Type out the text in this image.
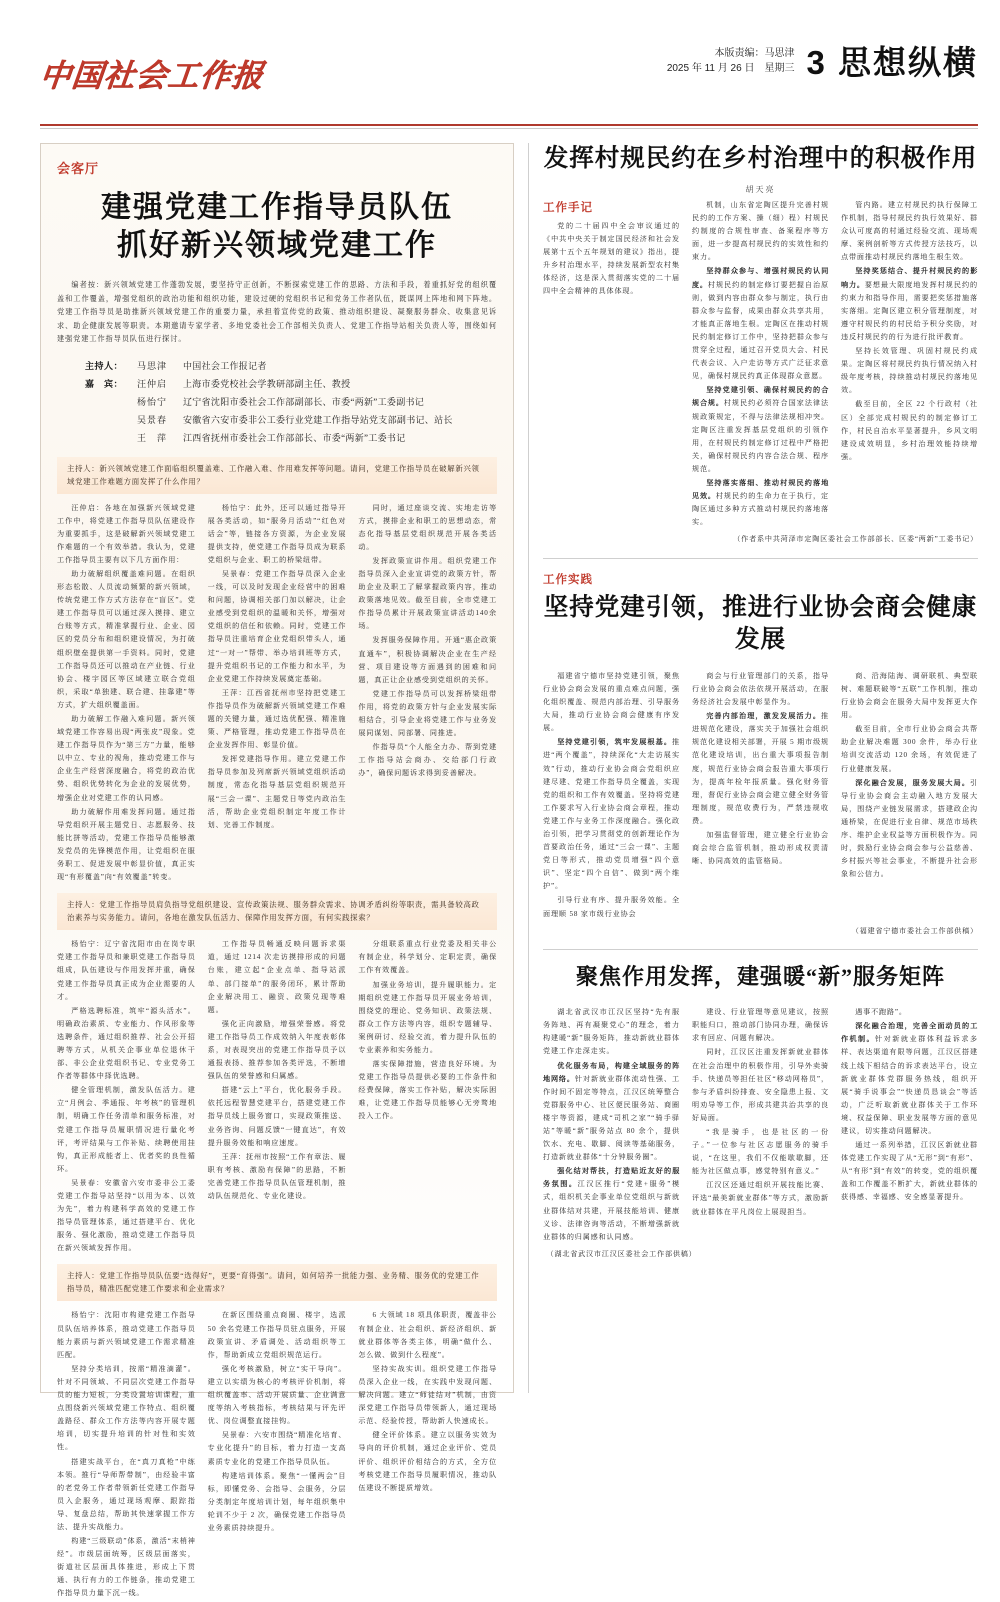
中国社会工作报
本版责编：马思津
2025 年 11 月 26 日　星期三 3 思想纵横
会客厅
建强党建工作指导员队伍
抓好新兴领域党建工作
编者按：新兴领域党建工作蓬勃发展，要坚持守正创新，不断探索党建工作的思路、方法和手段，着重抓好党的组织覆盖和工作覆盖，增强党组织的政治功能和组织功能，建设过硬的党组织书记和党务工作者队伍，既谋网上阵地和网下阵地。党建工作指导员是助推新兴领域党建工作的重要力量，承担着宣传党的政策、推动组织建设、凝聚服务群众、收集意见诉求、助企健康发展等职责。本期邀请专家学者、多地党委社会工作部相关负责人、党建工作指导站相关负责人等，围绕如何建强党建工作指导员队伍进行探讨。
主持人：	马思津	中国社会工作报记者
嘉　宾：	汪仲启	上海市委党校社会学教研部副主任、教授
杨怡宁	辽宁省沈阳市委社会工作部副部长、市委“两新”工委副书记
吴景春	安徽省六安市委非公工委行业党建工作指导站党支部副书记、站长
王　萍	江西省抚州市委社会工作部部长、市委“两新”工委书记
主持人：新兴领域党建工作面临组织覆盖难、工作融入难、作用难发挥等问题。请问，党建工作指导员在破解新兴领域党建工作难题方面发挥了什么作用？
汪仲启：各地在加强新兴领域党建工作中，将党建工作指导员队伍建设作为重要抓手，这是破解新兴领域党建工作难题的一个有效举措。我认为，党建工作指导员主要有以下几方面作用：
助力破解组织覆盖难问题。在组织形态松散、人员流动频繁的新兴领域，传统党建工作方式方法存在“盲区”。党建工作指导员可以通过深入摸排、建立台账等方式，精准掌握行业、企业、园区的党员分布和组织建设情况，为打破组织壁垒提供第一手资料。同时，党建工作指导员还可以推动在产业链、行业协会、楼宇园区等区域建立联合党组织，采取“单独建、联合建、挂靠建”等方式，扩大组织覆盖面。
助力破解工作融入难问题。新兴领域党建工作容易出现“两张皮”现象。党建工作指导员作为“第三方”力量，能够以中立、专业的视角，推动党建工作与企业生产经营深度融合，将党的政治优势、组织优势转化为企业的发展优势，增强企业对党建工作的认同感。
助力破解作用难发挥问题。通过指导党组织开展主题党日、志愿服务、技能比拼等活动，党建工作指导员能够激发党员的先锋模范作用，让党组织在服务职工、促进发展中彰显价值，真正实现“有形覆盖”向“有效覆盖”转变。
杨怡宁：此外，还可以通过指导开展各类活动，如“服务月活动”“红色对话会”等，链接各方资源，为企业发展提供支持，使党建工作指导员成为联系党组织与企业、职工的桥梁纽带。
吴景春：党建工作指导员深入企业一线，可以及时发现企业经营中的困难和问题，协调相关部门加以解决，让企业感受到党组织的温暖和关怀，增强对党组织的信任和依赖。同时，党建工作指导员注重培育企业党组织带头人，通过“一对一”帮带、举办培训班等方式，提升党组织书记的工作能力和水平，为企业党建工作持续发展奠定基础。
王萍：江西省抚州市坚持把党建工作指导员作为破解新兴领域党建工作难题的关键力量，通过选优配强、精准施策、严格管理，推动党建工作指导员在企业发挥作用、彰显价值。
发挥党建指导作用。建立党建工作指导员参加及列席新兴领域党组织活动制度，常态化指导基层党组织规范开展“三会一课”、主题党日等党内政治生活，帮助企业党组织制定年度工作计划、完善工作制度。
同时，通过座谈交流、实地走访等方式，摸排企业和职工的思想动态，常态化指导基层党组织规范开展各类活动。
发挥政策宣讲作用。组织党建工作指导员深入企业宣讲党的政策方针，帮助企业及职工了解掌握政策内容，推动政策落地见效。截至目前，全市党建工作指导员累计开展政策宣讲活动140余场。
发挥服务保障作用。开通“惠企政策直通车”，积极协调解决企业在生产经营、项目建设等方面遇到的困难和问题，真正让企业感受到党组织的关怀。
党建工作指导员可以发挥桥梁纽带作用，将党的政策方针与企业发展实际相结合，引导企业将党建工作与业务发展同谋划、同部署、同推进。
作指导员“个人能全力办、帮到党建工作指导站会商办、交给部门行政办”，确保问题诉求得到妥善解决。
主持人：党建工作指导员肩负指导党组织建设、宣传政策法规、服务群众需求、协调矛盾纠纷等职责，需具备较高政治素养与实务能力。请问，各地在激发队伍活力、保障作用发挥方面，有何实践探索？
杨怡宁：辽宁省沈阳市由在岗专职党建工作指导员和兼职党建工作指导员组成，队伍建设与作用发挥并重，确保党建工作指导员真正成为企业需要的人才。
严格选聘标准，筑牢“源头活水”。明确政治素质、专业能力、作风形象等选聘条件，通过组织推荐、社会公开招聘等方式，从机关企事业单位退休干部、非公企业党组织书记、专业党务工作者等群体中择优选聘。
健全管理机制，激发队伍活力。建立“月例会、季通报、年考核”的管理机制，明确工作任务清单和服务标准，对党建工作指导员履职情况进行量化考评，考评结果与工作补贴、续聘使用挂钩，真正形成能者上、优者奖的良性循环。
吴景春：安徽省六安市委非公工委党建工作指导站坚持“以用为本、以效为先”，着力构建科学高效的党建工作指导员管理体系，通过搭建平台、优化服务、强化激励，推动党建工作指导员在新兴领域发挥作用。
工作指导员畅通反映问题诉求渠道，通过 1214 次走访摸排形成的问题台账，建立起“企业点单、指导站派单、部门接单”的服务闭环，累计帮助企业解决用工、融资、政策兑现等难题。
强化正向激励，增强荣誉感。将党建工作指导员工作成效纳入年度表彰体系，对表现突出的党建工作指导员予以通报表扬、推荐参加各类评选，不断增强队伍的荣誉感和归属感。
搭建“云上”平台，优化服务手段。依托远程智慧党建平台，搭建党建工作指导员线上服务窗口，实现政策推送、业务咨询、问题反馈“一键直达”，有效提升服务效能和响应速度。
王萍：抚州市按照“工作有章法、履职有考核、激励有保障”的思路，不断完善党建工作指导员队伍管理机制，推动队伍规范化、专业化建设。
分组联系重点行业党委及相关非公有制企业，科学划分、定职定责，确保工作有效覆盖。
加强业务培训，提升履职能力。定期组织党建工作指导员开展业务培训，围绕党的理论、党务知识、政策法规、群众工作方法等内容，组织专题辅导、案例研讨、经验交流，着力提升队伍的专业素养和实务能力。
落实保障措施，营造良好环境。为党建工作指导员提供必要的工作条件和经费保障，落实工作补贴，解决实际困难，让党建工作指导员能够心无旁骛地投入工作。
主持人：党建工作指导员队伍要“选得好”，更要“育得强”。请问，如何培养一批能力强、业务精、服务优的党建工作指导员，精准匹配党建工作要求和企业需求？
杨怡宁：沈阳市构建党建工作指导员队伍培养体系，推动党建工作指导员能力素质与新兴领域党建工作需求精准匹配。
坚持分类培训，按需“精准滴灌”。针对不同领域、不同层次党建工作指导员的能力短板，分类设置培训课程，重点围绕新兴领域党建工作特点、组织覆盖路径、群众工作方法等内容开展专题培训，切实提升培训的针对性和实效性。
搭建实战平台，在“真刀真枪”中练本领。推行“导师帮带制”，由经验丰富的老党务工作者带领新任党建工作指导员入企服务，通过现场观摩、跟踪指导、复盘总结，帮助其快速掌握工作方法、提升实战能力。
构建“三级联动”体系，激活“末梢神经”。市级层面统筹，区级层面落实，街道社区层面具体推进，形成上下贯通、执行有力的工作链条，推动党建工作指导员力量下沉一线。
在新区围绕重点商圈、楼宇，选派 50 余名党建工作指导员驻点服务，开展政策宣讲、矛盾调处、活动组织等工作，帮助新成立党组织规范运行。
强化考核激励，树立“实干导向”。建立以实绩为核心的考核评价机制，将组织覆盖率、活动开展质量、企业满意度等纳入考核指标，考核结果与评先评优、岗位调整直接挂钩。
吴景春：六安市围绕“精准化培育、专业化提升”的目标，着力打造一支高素质专业化的党建工作指导员队伍。
构建培训体系。聚焦“一懂两会”目标，即懂党务、会指导、会服务，分层分类制定年度培训计划，每年组织集中轮训不少于 2 次，确保党建工作指导员业务素质持续提升。
6 大领域 18 项具体职责，覆盖非公有制企业、社会组织、新经济组织、新就业群体等各类主体，明确“做什么、怎么做、做到什么程度”。
坚持实战实训。组织党建工作指导员深入企业一线，在实践中发现问题、解决问题。建立“师徒结对”机制，由资深党建工作指导员带领新人，通过现场示范、经验传授，帮助新人快速成长。
健全评价体系。建立以服务实效为导向的评价机制，通过企业评价、党员评价、组织评价相结合的方式，全方位考核党建工作指导员履职情况，推动队伍建设不断提质增效。
发挥村规民约在乡村治理中的积极作用
胡天亮
工作手记
党的二十届四中全会审议通过的《中共中央关于制定国民经济和社会发展第十五个五年规划的建议》指出，提升乡村治理水平，持续发展新型农村集体经济，这是深入贯彻落实党的二十届四中全会精神的具体体现。
机制，山东省定陶区提升完善村规民约的工作方案、操（细）程）村规民约制度的合规性审查、备案程序等方面，进一步提高村规民约的实效性和约束力。
坚持群众参与、增强村规民约认同度。村规民约的制定修订要把握自治原则，做到内容由群众参与制定，执行由群众参与监督，成果由群众共享共用，才能真正落地生根。定陶区在推动村规民约制定修订工作中，坚持把群众参与贯穿全过程，通过召开党员大会、村民代表会议、入户走访等方式广泛征求意见，确保村规民约真正体现群众意愿。
坚持党建引领、确保村规民约的合规合规。村规民约必须符合国家法律法规政策规定，不得与法律法规相冲突。定陶区注重发挥基层党组织的引领作用，在村规民约制定修订过程中严格把关，确保村规民约内容合法合规、程序规范。
坚持落实落细、推动村规民约落地见效。村规民约的生命力在于执行，定陶区通过多种方式推动村规民约落地落实。
管内路。建立村规民约执行保障工作机制，指导村规民约执行效果好、群众认可度高的村通过经验交流、现场观摩、案例剖析等方式传授方法技巧，以点带面推动村规民约落地生根生效。
坚持奖惩结合、提升村规民约的影响力。要想最大限度地发挥村规民约的约束力和指导作用，需要把奖惩措施落实落细。定陶区建立积分管理制度，对遵守村规民约的村民给予积分奖励，对违反村规民约的行为进行批评教育。
坚持长效管理、巩固村规民约成果。定陶区将村规民约执行情况纳入村级年度考核，持续推动村规民约落地见效。
截至目前，全区 22 个行政村（社区）全部完成村规民约的制定修订工作，村民自治水平显著提升，乡风文明建设成效明显，乡村治理效能持续增强。
（作者系中共菏泽市定陶区委社会工作部部长、区委“两新”工委书记）
工作实践
坚持党建引领，推进行业协会商会健康发展
福建省宁德市坚持党建引领，聚焦行业协会商会发展的重点难点问题，强化组织覆盖、规范内部治理、引导服务大局，推动行业协会商会健康有序发展。
坚持党建引领，筑牢发展根基。推进“两个覆盖”，持续深化“大走访展实效”行动，推动行业协会商会党组织应建尽建、党建工作指导员全覆盖，实现党的组织和工作有效覆盖。坚持将党建工作要求写入行业协会商会章程，推动党建工作与业务工作深度融合。强化政治引领，把学习贯彻党的创新理论作为首要政治任务，通过“三会一课”、主题党日等形式，推动党员增强“四个意识”、坚定“四个自信”、做到“两个维护”。
引导行业有序、提升服务效能。全面理顺 58 家市级行业协会
商会与行业管理部门的关系，指导行业协会商会依法依规开展活动，在服务经济社会发展中彰显作为。
完善内部治理，激发发展活力。推进规范化建设，落实关于加强社会组织规范化建设相关部署，开展 5 期市级规范化建设培训，出台重大事项报告制度，规范行业协会商会报告重大事项行为，提高年检年报质量。强化财务管理，督促行业协会商会建立健全财务管理制度，规范收费行为，严禁违规收费。
加强监督管理，建立健全行业协会商会综合监管机制，推动形成权责清晰、协同高效的监管格局。
商、沿海陆海、调研联机、典型联树、难题联破等“五联”工作机制，推动行业协会商会在服务大局中发挥更大作用。
截至目前，全市行业协会商会共帮助企业解决难题 300 余件，举办行业培训交流活动 120 余场，有效促进了行业健康发展。
深化融合发展，服务发展大局。引导行业协会商会主动融入地方发展大局，围绕产业链发展需求，搭建政企沟通桥梁，在促进行业自律、规范市场秩序、维护企业权益等方面积极作为。同时，鼓励行业协会商会参与公益慈善、乡村振兴等社会事业，不断提升社会形象和公信力。
（福建省宁德市委社会工作部供稿）
聚焦作用发挥，建强暖“新”服务矩阵
湖北省武汉市江汉区坚持“先有服务阵地、再有凝聚党心”的理念，着力构建暖“新”服务矩阵，推动新就业群体党建工作走深走实。
优化服务布局，构建全域服务的阵地网络。针对新就业群体流动性强、工作时间不固定等特点，江汉区统筹整合党群服务中心、社区便民服务站、商圈楼宇等资源，建成“司机之家”“骑手驿站”等暖“新”服务站点 80 余个，提供饮水、充电、歇脚、阅读等基础服务，打造新就业群体“十分钟服务圈”。
强化结对帮扶，打造贴近友好的服务氛围。江汉区推行“党建+服务”模式，组织机关企事业单位党组织与新就业群体结对共建，开展技能培训、健康义诊、法律咨询等活动，不断增强新就业群体的归属感和认同感。
建设、行业管理等意见建议，按照职能归口，推动部门协同办理，确保诉求有回应、问题有解决。
同时，江汉区注重发挥新就业群体在社会治理中的积极作用，引导外卖骑手、快递员等担任社区“移动网格员”，参与矛盾纠纷排查、安全隐患上报、文明劝导等工作，形成共建共治共享的良好局面。
“我是骑手，也是社区的一份子。”一位参与社区志愿服务的骑手说，“在这里，我们不仅能歇歇脚，还能为社区做点事，感觉特别有意义。”
江汉区还通过组织开展技能比赛、评选“最美新就业群体”等方式，激励新就业群体在平凡岗位上展现担当。
遇事不跑路”。
深化融合治理，完善全面动员的工作机制。针对新就业群体利益诉求多样、表达渠道有限等问题，江汉区搭建线上线下相结合的诉求表达平台，设立新就业群体党群服务热线，组织开展“骑手说事会”“快递员恳谈会”等活动，广泛听取新就业群体关于工作环境、权益保障、职业发展等方面的意见建议，切实推动问题解决。
通过一系列举措，江汉区新就业群体党建工作实现了从“无形”到“有形”、从“有形”到“有效”的转变，党的组织覆盖和工作覆盖不断扩大，新就业群体的获得感、幸福感、安全感显著提升。
（湖北省武汉市江汉区委社会工作部供稿）
